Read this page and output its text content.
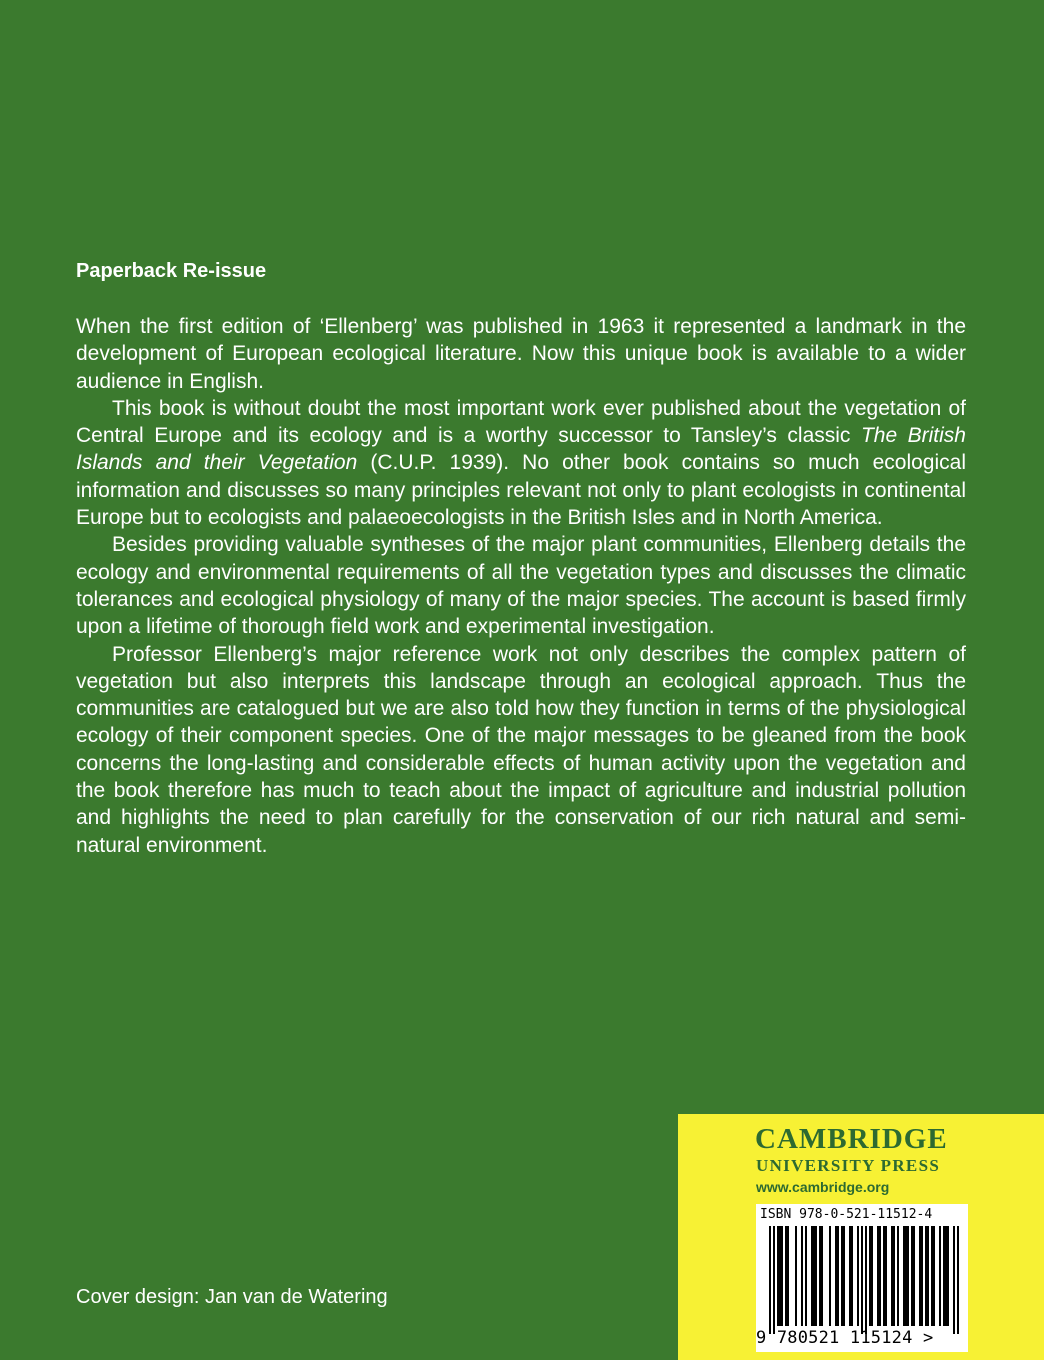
Paperback Re-issue

When the first edition of ‘Ellenberg’ was published in 1963 it represented a landmark in the development of European ecological literature. Now this unique book is available to a wider audience in English.

This book is without doubt the most important work ever published about the vegetation of Central Europe and its ecology and is a worthy successor to Tansley’s classic The British Islands and their Vegetation (C.U.P. 1939). No other book contains so much ecological information and discusses so many principles relevant not only to plant ecologists in continental Europe but to ecologists and palaeoecologists in the British Isles and in North America.

Besides providing valuable syntheses of the major plant communities, Ellenberg details the ecology and environmental requirements of all the vegetation types and discusses the climatic tolerances and ecological physiology of many of the major species. The account is based firmly upon a lifetime of thorough field work and experimental investigation.

Professor Ellenberg’s major reference work not only describes the complex pattern of vegetation but also interprets this landscape through an ecological approach. Thus the communities are catalogued but we are also told how they function in terms of the physiological ecology of their component species. One of the major messages to be gleaned from the book concerns the long-lasting and considerable effects of human activity upon the vegetation and the book therefore has much to teach about the impact of agriculture and industrial pollution and highlights the need to plan carefully for the conservation of our rich natural and semi-natural environment.

Cover design: Jan van de Watering
CAMBRIDGE
UNIVERSITY PRESS
www.cambridge.org
ISBN 978-0-521-11512-4
9 780521 115124 >
